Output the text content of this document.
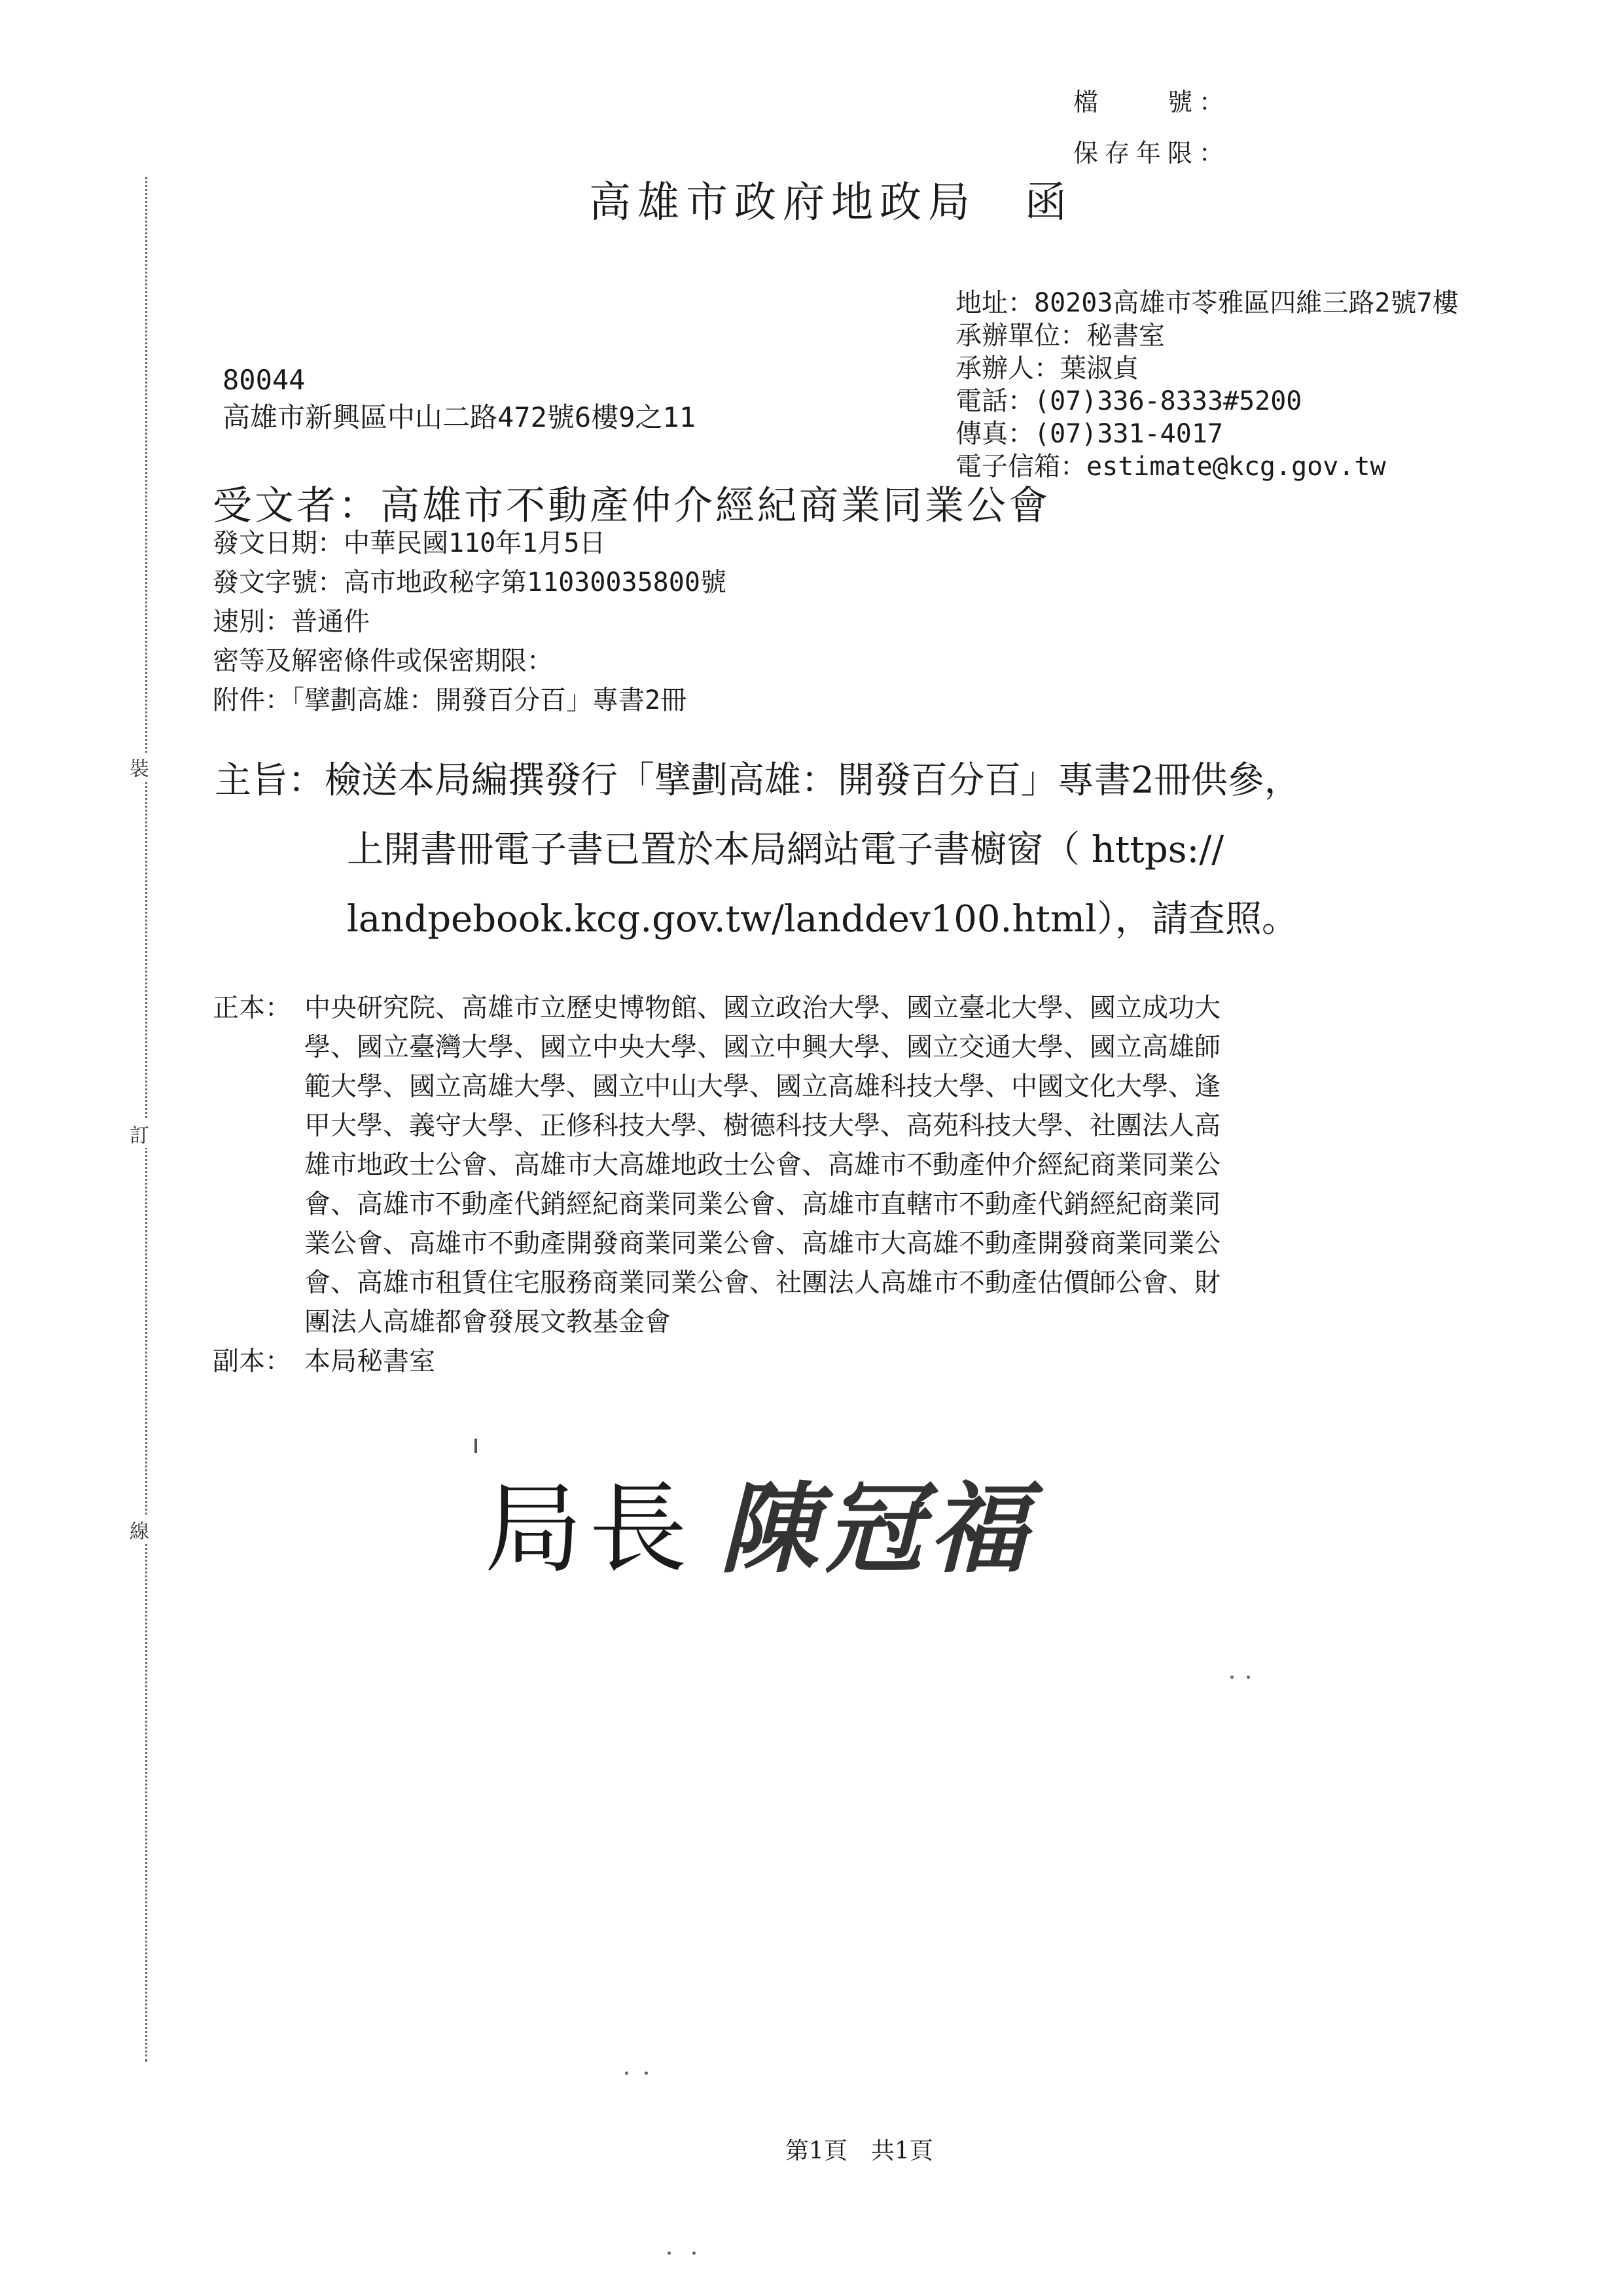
裝
訂
線
檔　　號：
保存年限：
高雄市政府地政局　函
地址：80203高雄市苓雅區四維三路2號7樓
承辦單位：秘書室
承辦人：葉淑貞
電話：(07)336-8333#5200
傳真：(07)331-4017
電子信箱：estimate@kcg.gov.tw
80044
高雄市新興區中山二路472號6樓9之11
受文者：高雄市不動產仲介經紀商業同業公會
發文日期：中華民國110年1月5日
發文字號：高市地政秘字第11030035800號
速別：普通件
密等及解密條件或保密期限：
附件：「擘劃高雄：開發百分百」專書2冊
主旨：檢送本局編撰發行「擘劃高雄：開發百分百」專書2冊供參，
上開書冊電子書已置於本局網站電子書櫥窗（ https://
landpebook.kcg.gov.tw/landdev100.html），請查照。
正本： 中央研究院、高雄市立歷史博物館、國立政治大學、國立臺北大學、國立成功大
學、國立臺灣大學、國立中央大學、國立中興大學、國立交通大學、國立高雄師
範大學、國立高雄大學、國立中山大學、國立高雄科技大學、中國文化大學、逢
甲大學、義守大學、正修科技大學、樹德科技大學、高苑科技大學、社團法人高
雄市地政士公會、高雄市大高雄地政士公會、高雄市不動產仲介經紀商業同業公
會、高雄市不動產代銷經紀商業同業公會、高雄市直轄市不動產代銷經紀商業同
業公會、高雄市不動產開發商業同業公會、高雄市大高雄不動產開發商業同業公
會、高雄市租賃住宅服務商業同業公會、社團法人高雄市不動產估價師公會、財
團法人高雄都會發展文教基金會
副本： 本局秘書室
局長 陳冠福
第1頁　共1頁
